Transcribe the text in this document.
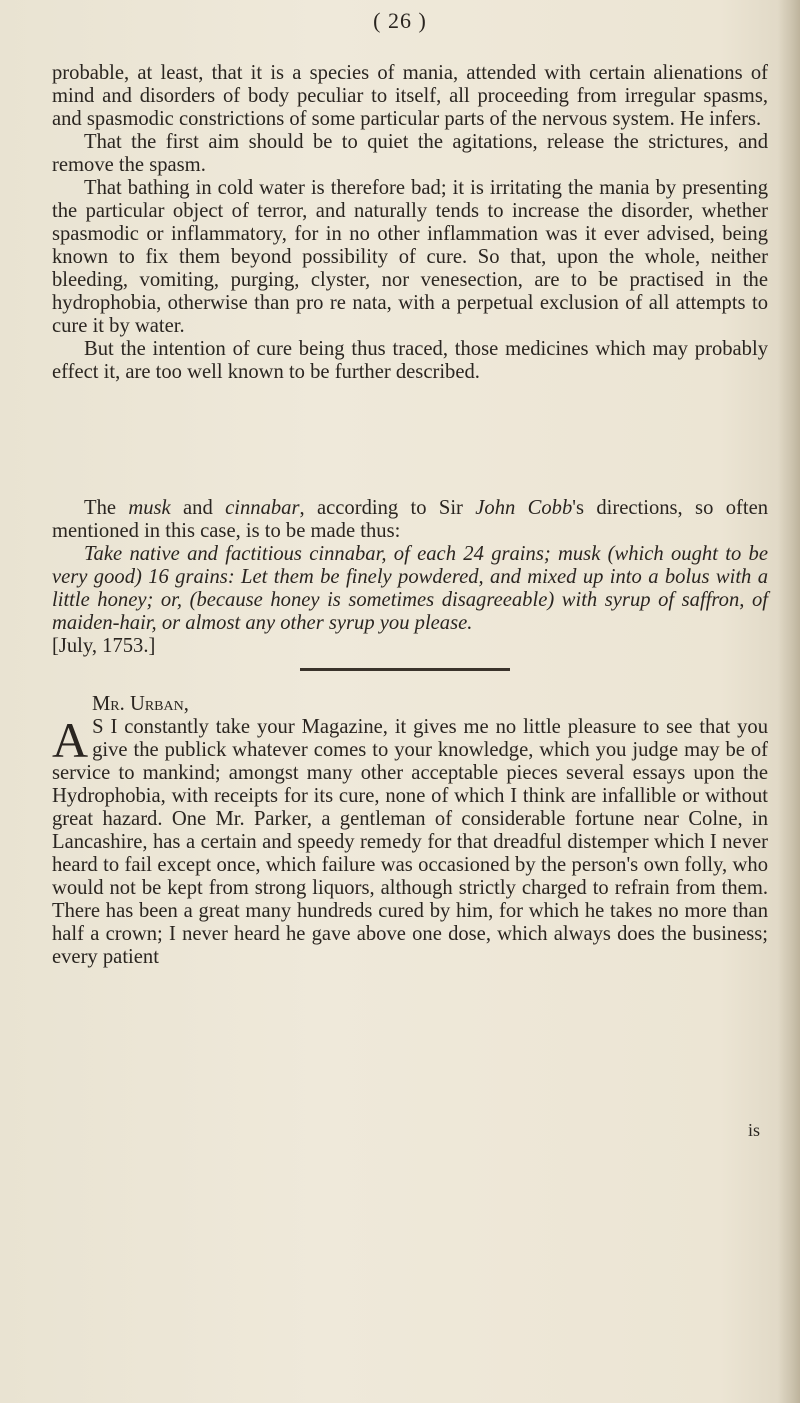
( 26 )

probable, at least, that it is a species of mania, attended with certain alienations of mind and disorders of body peculiar to itself, all proceeding from irregular spasms, and spasmodic constrictions of some particular parts of the nervous system. He infers.

That the first aim should be to quiet the agitations, release the strictures, and remove the spasm.

That bathing in cold water is therefore bad; it is irritating the mania by presenting the particular object of terror, and naturally tends to increase the disorder, whether spasmodic or inflammatory, for in no other inflammation was it ever advised, being known to fix them beyond possibility of cure. So that, upon the whole, neither bleeding, vomiting, purging, clyster, nor venesection, are to be practised in the hydrophobia, otherwise than pro re nata, with a perpetual exclusion of all attempts to cure it by water.

But the intention of cure being thus traced, those medicines which may probably effect it, are too well known to be further described.

The musk and cinnabar, according to Sir John Cobb's directions, so often mentioned in this case, is to be made thus:

Take native and factitious cinnabar, of each 24 grains; musk (which ought to be very good) 16 grains: Let them be finely powdered, and mixed up into a bolus with a little honey; or, (because honey is sometimes disagreeable) with syrup of saffron, of maiden-hair, or almost any other syrup you please.

[July, 1753.]

Mr. Urban,

A S I constantly take your Magazine, it gives me no little pleasure to see that you give the publick whatever comes to your knowledge, which you judge may be of service to mankind; amongst many other acceptable pieces several essays upon the Hydrophobia, with receipts for its cure, none of which I think are infallible or without great hazard. One Mr. Parker, a gentleman of considerable fortune near Colne, in Lancashire, has a certain and speedy remedy for that dreadful distemper which I never heard to fail except once, which failure was occasioned by the person's own folly, who would not be kept from strong liquors, although strictly charged to refrain from them. There has been a great many hundreds cured by him, for which he takes no more than half a crown; I never heard he gave above one dose, which always does the business; every patient

is
